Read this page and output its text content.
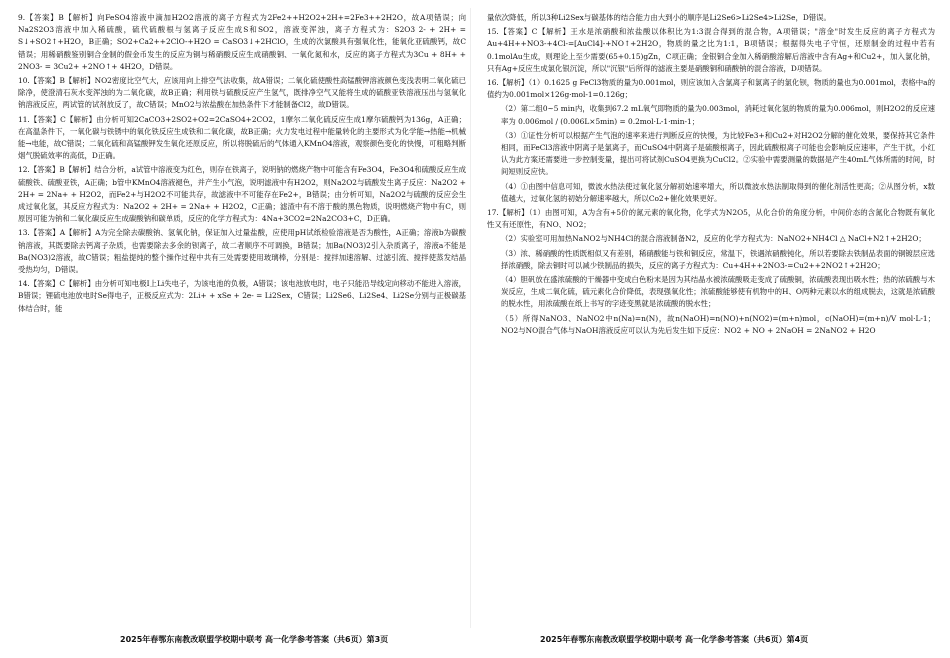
9.【答案】B【解析】向FeSO4溶液中滴加H2O2溶液的离子方程式为2Fe2++H2O2+2H+=2Fe3++2H2O，故A项错误；向Na2S2O3溶液中加入稀硫酸，硫代硫酸根与氢离子反应生成S和SO2，溶液变浑浊，离子方程式为：S2O3 2- + 2H+ = S↓+SO2↑+H2O，B正确；SO2+Ca2++2ClO-+H2O = CaSO3↓+2HClO，生成的次氯酸具有强氧化性，能氧化亚硫酸钙，故C错误；用稀硝酸鉴别铜合金制的假金币发生的反应为铜与稀硝酸反应生成硝酸铜、一氧化氮和水，反应的离子方程式为3Cu + 8H+ + 2NO3- = 3Cu2+ +2NO↑+ 4H2O，D错误。

10.【答案】B【解析】NO2密度比空气大，应该用向上排空气法收集，故A错误；二氧化硫使酸性高锰酸钾溶液颜色变浅表明二氧化硫已除净，使澄清石灰水变浑浊的为二氧化碳，故B正确；利用铁与硫酸反应产生氢气，既排净空气又能将生成的硫酸亚铁溶液压出与氢氧化钠溶液反应，两试管的试剂放反了，故C错误；MnO2与浓盐酸在加热条件下才能制备Cl2，故D错误。

11.【答案】C【解析】由分析可知2CaCO3+2SO2+O2=2CaSO4+2CO2，1摩尔二氧化硫反应生成1摩尔硫酸钙为136g，A正确；在高温条件下，一氧化碳与铁锈中的氧化铁反应生成铁和二氧化碳，故B正确；火力发电过程中能量转化的主要形式为化学能→热能→机械能→电能，故C错误；二氧化硫和高锰酸钾发生氧化还原反应，所以将脱硫后的气体通入KMnO4溶液，观察颜色变化的快慢，可粗略判断烟气脱硫效率的高低，D正确。

12.【答案】B【解析】结合分析，a试管中溶液变为红色，则存在铁离子，说明钠的燃烧产物中可能含有Fe3O4，Fe3O4和硫酸反应生成硫酸铁、硫酸亚铁，A正确；b管中KMnO4溶液褪色，并产生小气泡，说明滤液中有H2O2，则Na2O2与硫酸发生离子反应：Na2O2 + 2H+ = 2Na+ + H2O2，而Fe2+与H2O2不可能共存，故滤液中不可能存在Fe2+，B错误；由分析可知，Na2O2与硫酸的反应会生成过氧化氢，其反应方程式为：Na2O2 + 2H+ = 2Na+ + H2O2，C正确；滤渣中有不溶于酸的黑色物质，说明燃烧产物中有C，则原因可能为钠和二氧化碳反应生成碳酸钠和碳单质，反应的化学方程式为：4Na+3CO2=2Na2CO3+C，D正确。

13.【答案】A【解析】A为完全除去碳酸钠、氢氧化钠，保证加入过量盐酸，应使用pH试纸检验溶液是否为酸性，A正确；溶液b为碳酸钠溶液，其既要除去钙离子杂质，也需要除去多余的钡离子，故二者顺序不可调换，B错误；加Ba(NO3)2引入杂质离子，溶液a不能是Ba(NO3)2溶液，故C错误；粗盐提纯的整个操作过程中共有三处需要使用玻璃棒，分别是：搅拌加速溶解、过滤引流、搅拌使蒸发结晶受热均匀，D错误。

14.【答案】C【解析】由分析可知电极I上Li失电子，为该电池的负极，A错误；该电池放电时，电子只能沿导线定向移动不能进入溶液，B错误；锂硫电池放电时Se得电子，正极反应式为：2Li+ + xSe + 2e- = Li2Sex，C错误；Li2Se6、Li2Se4、Li2Se分别与正极碳基体结合时，能

量依次降低，所以3种Li2Sex与碳基体的结合能力由大到小的顺序是Li2Se6>Li2Se4>Li2Se，D错误。

15.【答案】C【解析】王水是浓硝酸和浓盐酸以体积比为1:3混合得到的混合物，A项错误；"溶金"时发生反应的离子方程式为Au+4H++NO3-+4Cl-=[AuCl4]-+NO↑+2H2O，物质的量之比为1:1，B项错误；根据得失电子守恒，还原制金的过程中若有0.1molAu生成，则理论上至少需要(65+0.15)gZn，C项正确；金银铜合金加入稀硝酸溶解后溶液中含有Ag+和Cu2+，加入氯化钠，只有Ag+反应生成氯化银沉淀，所以"沉银"后所得的滤液主要是硝酸铜和硝酸钠的混合溶液，D项错误。

16.【解析】（1）0.1625 g FeCl3物质的量为0.001mol，则应该加入含氯离子和氯离子的氯化钡，物质的量也为0.001mol，表格中a的值约为0.001mol×126g·mol-1=0.126g；

（2）第二组0~5 min内，收集到67.2 mL氧气即物质的量为0.003mol，消耗过氧化氢的物质的量为0.006mol，则H2O2的反应速率为 0.006mol / (0.006L×5min) = 0.2mol·L-1·min-1；

（3）①证性分析可以根据产生气泡的速率来进行判断反应的快慢，为比较Fe3+和Cu2+对H2O2分解的催化效果，要保持其它条件相同，而FeCl3溶液中阴离子是氯离子，而CuSO4中阴离子是硫酸根离子，因此硫酸根离子可能也会影响反应速率，产生干扰，小红认为此方案还需要进一步控制变量，提出可将试剂CuSO4更换为CuCl2。②实验中需要测量的数据是产生40mL气体所需的时间，时间短则反应快。

（4）①由图中信息可知，微波水热法使过氧化氢分解初始速率增大，所以微波水热法制取得到的催化剂活性更高；②从图分析，x数值越大，过氧化氢的初始分解速率越大，所以Co2+催化效果更好。

17.【解析】（1）由图可知，A为含有+5价的氮元素的氧化物，化学式为N2O5，从化合价的角度分析，中间价态的含氮化合物既有氧化性又有还原性，有NO、NO2；

（2）实验室可用加热NaNO2与NH4Cl的混合溶液制备N2，反应的化学方程式为：NaNO2+NH4Cl △ NaCl+N2↑+2H2O；

（3）浓、稀硝酸的性质既相似又有差别，稀硝酸能与铁和铜反应，常温下，铁遇浓硝酸钝化，所以若要除去铁制品表面的铜镀层应选择浓硝酸，除去铜时可以减少铁制品的损失，反应的离子方程式为：Cu+4H++2NO3-=Cu2++2NO2↑+2H2O；

（4）胆矾放在盛浓硫酸的干燥器中变成白色粉末是因为其结晶水被浓硫酸吸走变成了硫酸铜，浓硫酸表现出吸水性；热的浓硫酸与木炭反应，生成二氧化硫，硫元素化合价降低，表现强氧化性；浓硫酸能够使有机物中的H、O两种元素以水的组成脱去，这就是浓硫酸的脱水性，用浓硫酸在纸上书写的字迹变黑就是浓硫酸的脱水性；

（5）所得NaNO3、NaNO2中n(Na)=n(N)，故n(NaOH)=n(NO)+n(NO2)=(m+n)mol，c(NaOH)=(m+n)/V mol·L-1；NO2与NO混合气体与NaOH溶液反应可以认为先后发生如下反应：NO2 + NO + 2NaOH = 2NaNO2 + H2O

2025年春鄂东南教改联盟学校期中联考 高一化学参考答案（共6页）第3页	2025年春鄂东南教改联盟学校期中联考 高一化学参考答案（共6页）第4页
